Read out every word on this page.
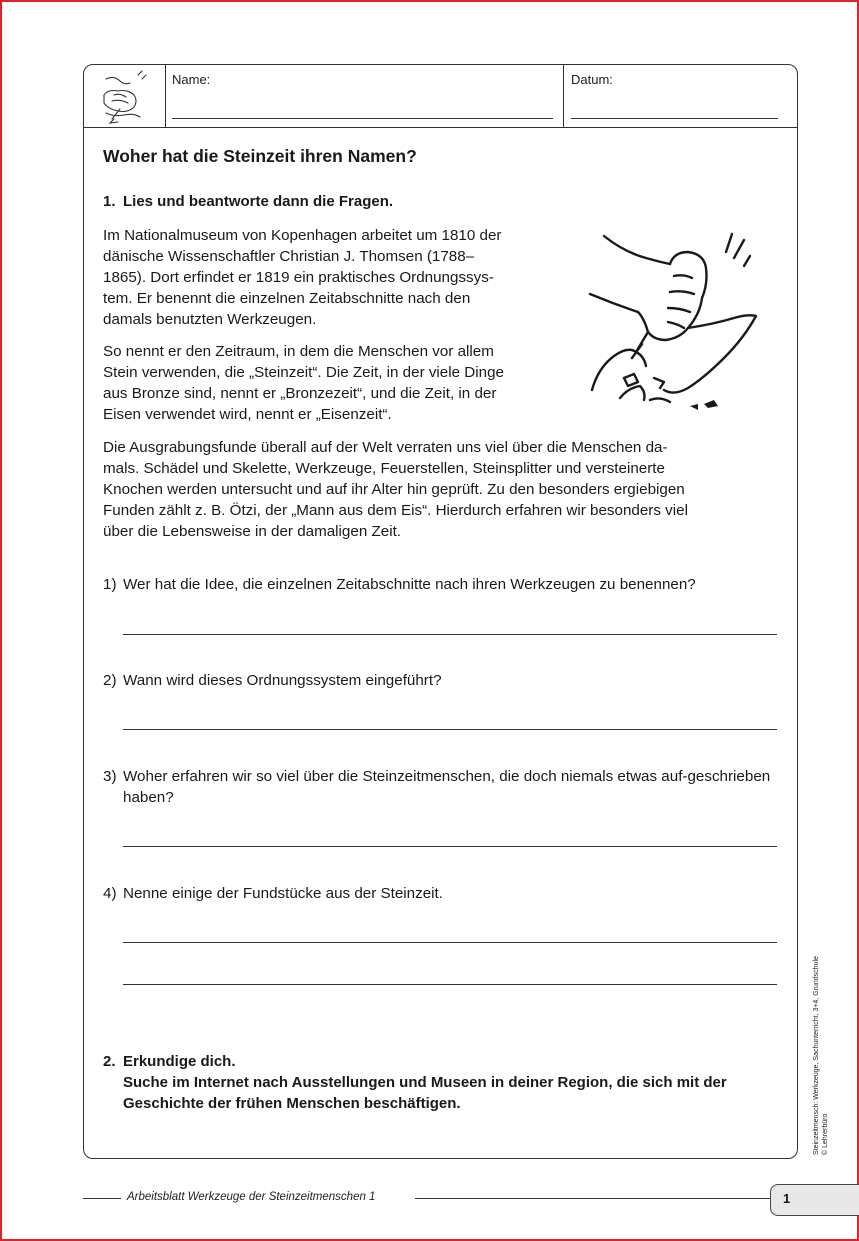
Name:	Datum:
Woher hat die Steinzeit ihren Namen?
1. Lies und beantworte dann die Fragen.
Im Nationalmuseum von Kopenhagen arbeitet um 1810 der
dänische Wissenschaftler Christian J. Thomsen (1788–
1865). Dort erfindet er 1819 ein praktisches Ordnungssys-
tem. Er benennt die einzelnen Zeitabschnitte nach den
damals benutzten Werkzeugen.
So nennt er den Zeitraum, in dem die Menschen vor allem
Stein verwenden, die „Steinzeit“. Die Zeit, in der viele Dinge
aus Bronze sind, nennt er „Bronzezeit“, und die Zeit, in der
Eisen verwendet wird, nennt er „Eisenzeit“.
Die Ausgrabungsfunde überall auf der Welt verraten uns viel über die Menschen da-
mals. Schädel und Skelette, Werkzeuge, Feuerstellen, Steinsplitter und versteinerte
Knochen werden untersucht und auf ihr Alter hin geprüft. Zu den besonders ergiebigen
Funden zählt z. B. Ötzi, der „Mann aus dem Eis“. Hierdurch erfahren wir besonders viel
über die Lebensweise in der damaligen Zeit.
1) Wer hat die Idee, die einzelnen Zeitabschnitte nach ihren Werkzeugen zu benennen?
2) Wann wird dieses Ordnungssystem eingeführt?
3) Woher erfahren wir so viel über die Steinzeitmenschen, die doch niemals etwas auf-geschrieben haben?
4) Nenne einige der Fundstücke aus der Steinzeit.
2. Erkundige dich.
Suche im Internet nach Ausstellungen und Museen in deiner Region, die sich mit der Geschichte der frühen Menschen beschäftigen.	Steinzeitmensch: Werkzeuge, Sachunterricht, 3+4, Grundschule © Lehrerbüro
Arbeitsblatt Werkzeuge der Steinzeitmenschen 1	1
